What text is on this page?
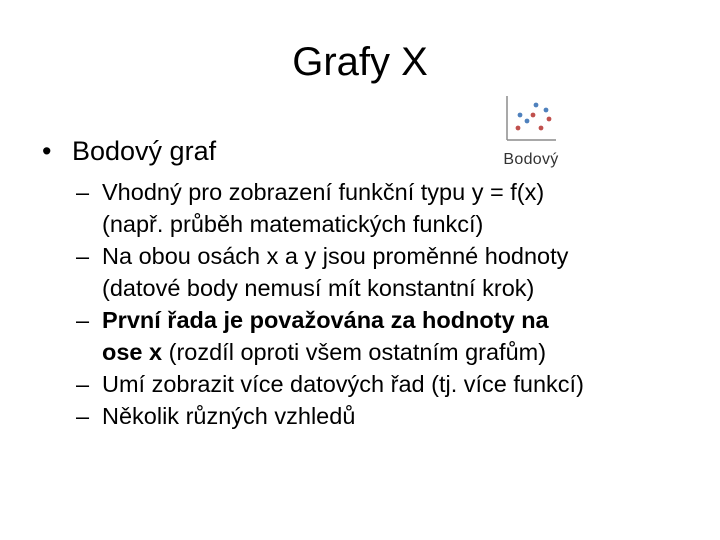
Grafy X
• Bodový graf	Bodový
– Vhodný pro zobrazení funkční typu y = f(x)
(např. průběh matematických funkcí)
– Na obou osách x a y jsou proměnné hodnoty
(datové body nemusí mít konstantní krok)
– První řada je považována za hodnoty na
ose x (rozdíl oproti všem ostatním grafům)
– Umí zobrazit více datových řad (tj. více funkcí)
– Několik různých vzhledů
